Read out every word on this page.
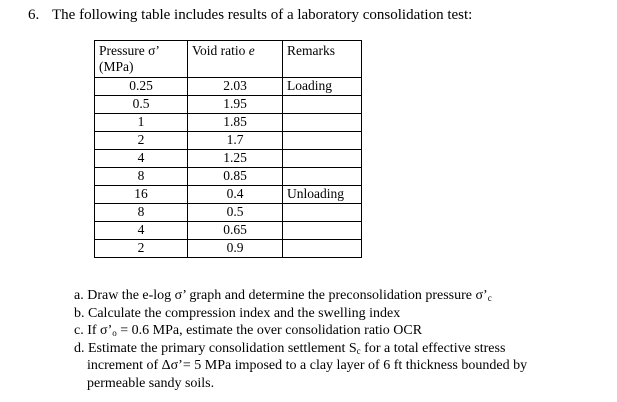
6. The following table includes results of a laboratory consolidation test:
Pressure σ’
(MPa)	Void ratio e	Remarks
0.25	2.03	Loading
0.5	1.95	
1	1.85	
2	1.7	
4	1.25	
8	0.85	
16	0.4	Unloading
8	0.5	
4	0.65	
2	0.9	
a. Draw the e-log σ’ graph and determine the preconsolidation pressure $\sigma’_c$
b. Calculate the compression index and the swelling index
c. If $\sigma’_o = 0.6$ MPa, estimate the over consolidation ratio OCR
d. Estimate the primary consolidation settlement $S_c$ for a total effective stress
increment of Δσ’= 5 MPa imposed to a clay layer of 6 ft thickness bounded by
permeable sandy soils.
